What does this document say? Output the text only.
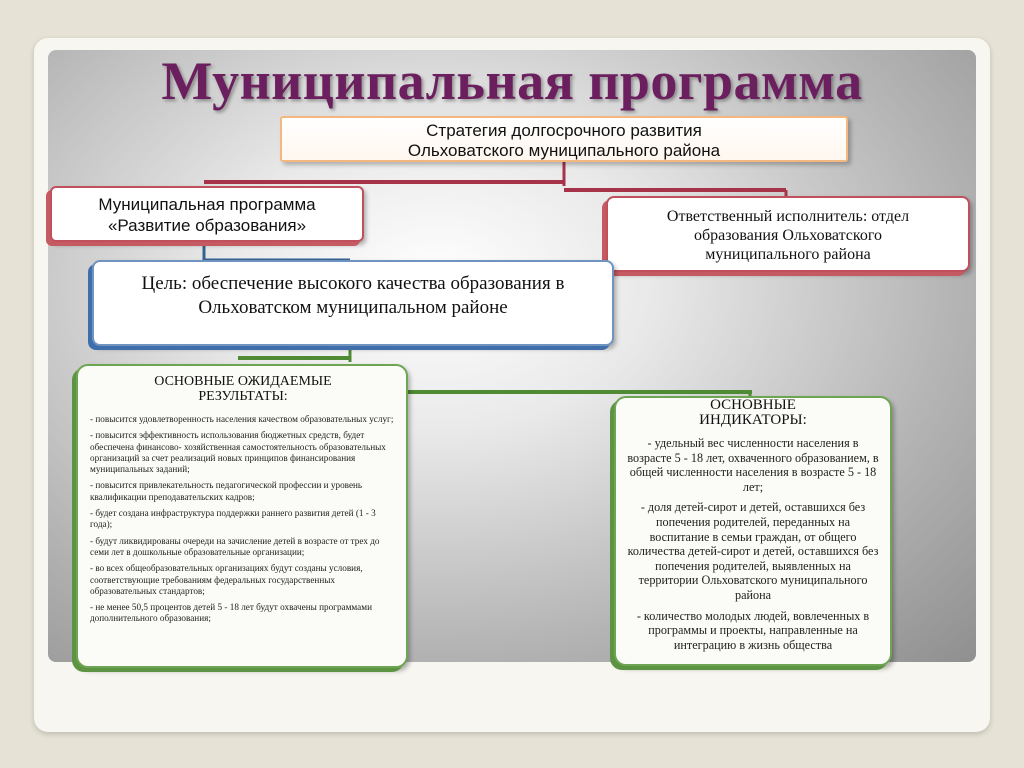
Муниципальная программа
Стратегия долгосрочного развития
Ольховатского муниципального района
Муниципальная программа
«Развитие образования»	Ответственный исполнитель: отдел
образования Ольховатского
муниципального района
Цель: обеспечение высокого качества образования в Ольховатском муниципальном районе
ОСНОВНЫЕ ОЖИДАЕМЫЕ РЕЗУЛЬТАТЫ:
- повысится удовлетворенность населения качеством образовательных услуг;
- повысится эффективность использования бюджетных средств, будет обеспечена финансово- хозяйственная самостоятельность образовательных организаций за счет реализаций новых принципов финансирования муниципальных заданий;
- повысится привлекательность педагогической профессии и уровень квалификации преподавательских кадров;
- будет создана инфраструктура поддержки раннего развития детей (1 - 3 года);
- будут ликвидированы очереди на зачисление детей в возрасте от трех до семи лет в дошкольные образовательные организации;
- во всех общеобразовательных организациях будут созданы условия, соответствующие требованиям федеральных государственных образовательных стандартов;
- не менее 50,5 процентов детей 5 - 18 лет будут охвачены программами дополнительного образования;
ОСНОВНЫЕ
ИНДИКАТОРЫ:
- удельный вес численности населения в возрасте 5 - 18 лет, охваченного образованием, в общей численности населения в возрасте 5 - 18 лет;
- доля детей-сирот и детей, оставшихся без попечения родителей, переданных на воспитание в семьи граждан, от общего количества детей-сирот и детей, оставшихся без попечения родителей, выявленных на территории Ольховатского муниципального района
- количество молодых людей, вовлеченных в программы и проекты, направленные на интеграцию в жизнь общества
